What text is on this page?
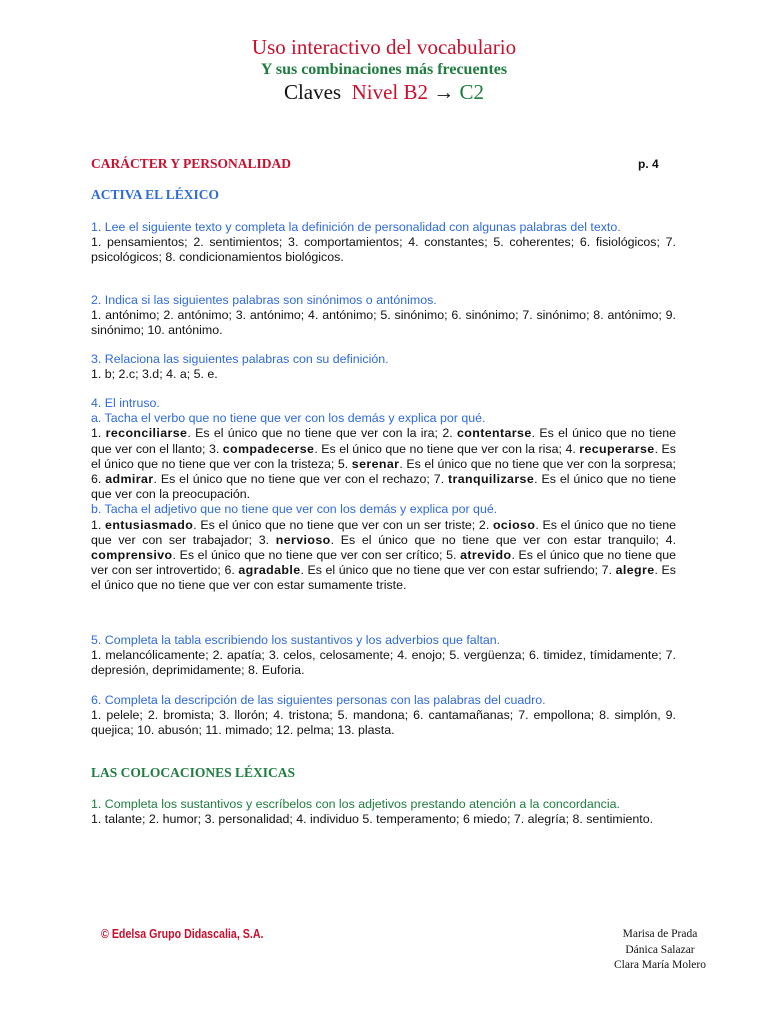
Uso interactivo del vocabulario
Y sus combinaciones más frecuentes
Claves Nivel B2 → C2
CARÁCTER Y PERSONALIDAD	p. 4
ACTIVA EL LÉXICO

1. Lee el siguiente texto y completa la definición de personalidad con algunas palabras del texto.

1. pensamientos; 2. sentimientos; 3. comportamientos; 4. constantes; 5. coherentes; 6. fisiológicos; 7. psicológicos; 8. condicionamientos biológicos.

2. Indica si las siguientes palabras son sinónimos o antónimos.

1. antónimo; 2. antónimo; 3. antónimo; 4. antónimo; 5. sinónimo; 6. sinónimo; 7. sinónimo; 8. antónimo; 9. sinónimo; 10. antónimo.

3. Relaciona las siguientes palabras con su definición.

1. b; 2.c; 3.d; 4. a; 5. e.

4. El intruso.

a. Tacha el verbo que no tiene que ver con los demás y explica por qué.

1. reconciliarse. Es el único que no tiene que ver con la ira; 2. contentarse. Es el único que no tiene que ver con el llanto; 3. compadecerse. Es el único que no tiene que ver con la risa; 4. recuperarse. Es el único que no tiene que ver con la tristeza; 5. serenar. Es el único que no tiene que ver con la sorpresa; 6. admirar. Es el único que no tiene que ver con el rechazo; 7. tranquilizarse. Es el único que no tiene que ver con la preocupación.

b. Tacha el adjetivo que no tiene que ver con los demás y explica por qué.

1. entusiasmado. Es el único que no tiene que ver con un ser triste; 2. ocioso. Es el único que no tiene que ver con ser trabajador; 3. nervioso. Es el único que no tiene que ver con estar tranquilo; 4. comprensivo. Es el único que no tiene que ver con ser crítico; 5. atrevido. Es el único que no tiene que ver con ser introvertido; 6. agradable. Es el único que no tiene que ver con estar sufriendo; 7. alegre. Es el único que no tiene que ver con estar sumamente triste.

5. Completa la tabla escribiendo los sustantivos y los adverbios que faltan.

1. melancólicamente; 2. apatía; 3. celos, celosamente; 4. enojo; 5. vergüenza; 6. timidez, tímidamente; 7. depresión, deprimidamente; 8. Euforia.

6. Completa la descripción de las siguientes personas con las palabras del cuadro.

1. pelele; 2. bromista; 3. llorón; 4. tristona; 5. mandona; 6. cantamañanas; 7. empollona; 8. simplón, 9. quejica; 10. abusón; 11. mimado; 12. pelma; 13. plasta.

LAS COLOCACIONES LÉXICAS

1. Completa los sustantivos y escríbelos con los adjetivos prestando atención a la concordancia.

1. talante; 2. humor; 3. personalidad; 4. individuo 5. temperamento; 6 miedo; 7. alegría; 8. sentimiento.

© Edelsa Grupo Didascalia, S.A.	Marisa de Prada
Dánica Salazar
Clara María Molero
